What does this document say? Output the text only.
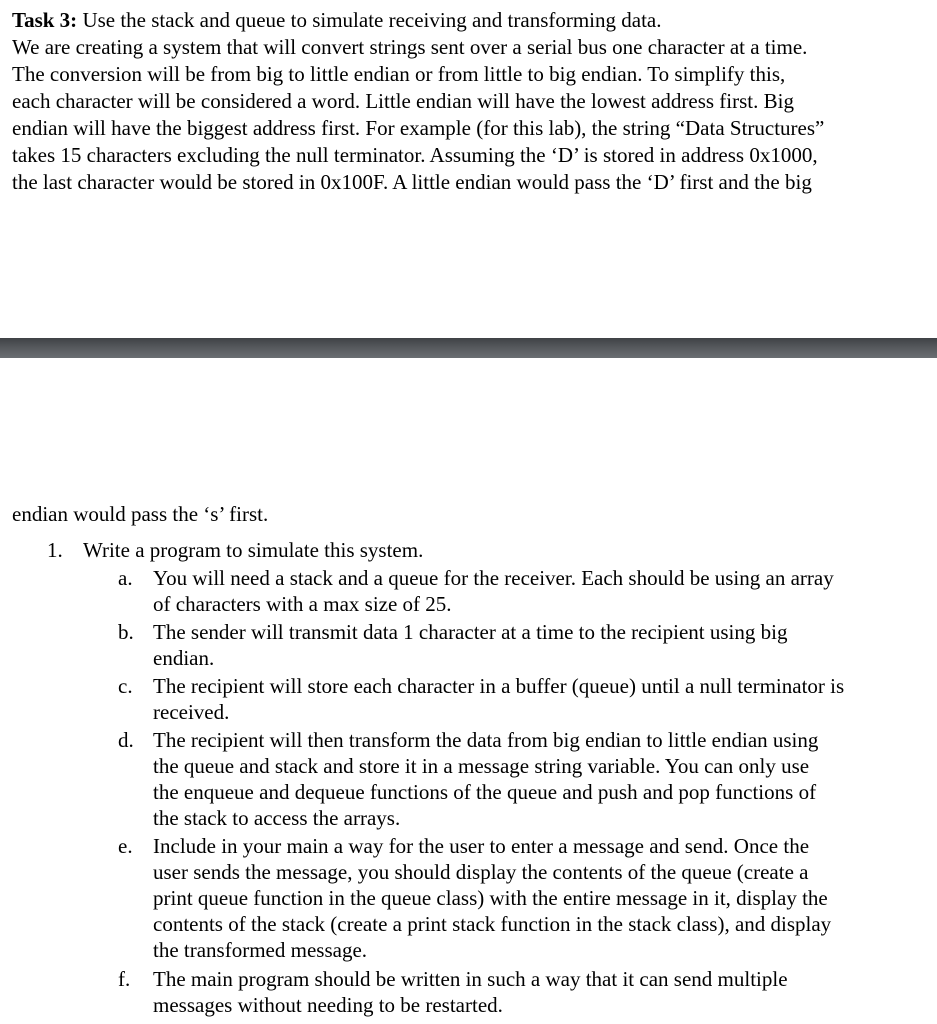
Task 3: Use the stack and queue to simulate receiving and transforming data.
We are creating a system that will convert strings sent over a serial bus one character at a time.
The conversion will be from big to little endian or from little to big endian. To simplify this,
each character will be considered a word. Little endian will have the lowest address first. Big
endian will have the biggest address first. For example (for this lab), the string “Data Structures”
takes 15 characters excluding the null terminator. Assuming the ‘D’ is stored in address 0x1000,
the last character would be stored in 0x100F. A little endian would pass the ‘D’ first and the big
endian would pass the ‘s’ first.
1. Write a program to simulate this system.
a. You will need a stack and a queue for the receiver. Each should be using an array
of characters with a max size of 25.
b. The sender will transmit data 1 character at a time to the recipient using big
endian.
c. The recipient will store each character in a buffer (queue) until a null terminator is
received.
d. The recipient will then transform the data from big endian to little endian using
the queue and stack and store it in a message string variable. You can only use
the enqueue and dequeue functions of the queue and push and pop functions of
the stack to access the arrays.
e. Include in your main a way for the user to enter a message and send. Once the
user sends the message, you should display the contents of the queue (create a
print queue function in the queue class) with the entire message in it, display the
contents of the stack (create a print stack function in the stack class), and display
the transformed message.
f. The main program should be written in such a way that it can send multiple
messages without needing to be restarted.
